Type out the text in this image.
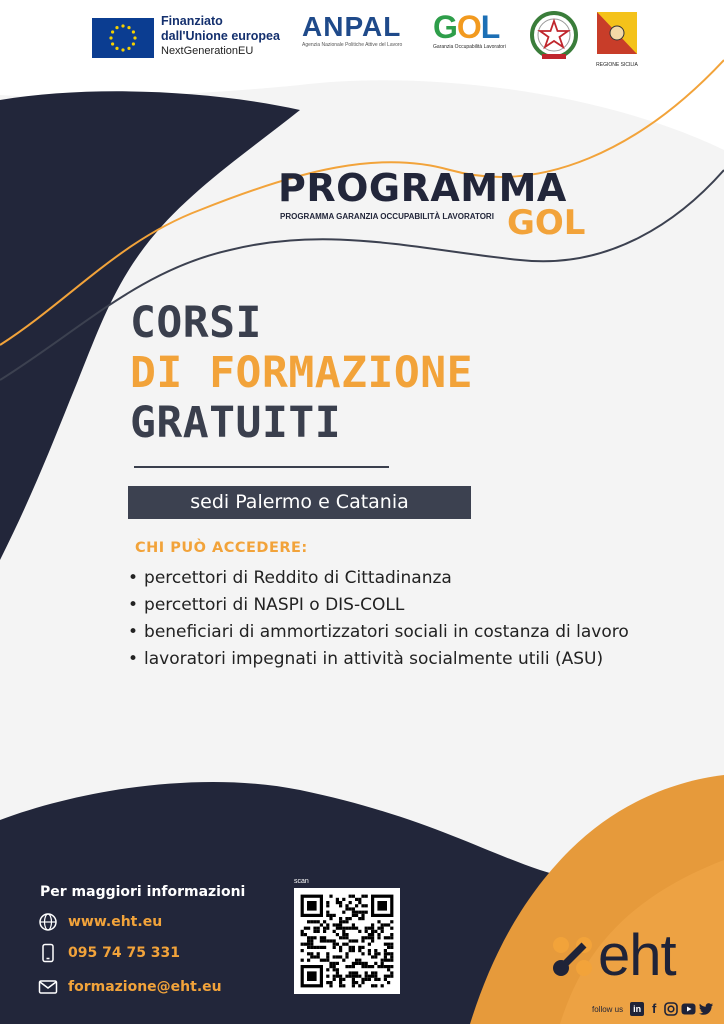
Finanziato
dall'Unione europea
NextGenerationEU
ANPAL
Agenzia Nazionale Politiche Attive del Lavoro GOL
Garanzia Occupabilità Lavoratori
REGIONE SICILIA
PROGRAMMA
PROGRAMMA GARANZIA OCCUPABILITÀ LAVORATORI GOL
CORSI
DI FORMAZIONE
GRATUITI
sedi Palermo e Catania
CHI PUÒ ACCEDERE:
• percettori di Reddito di Cittadinanza
• percettori di NASPI o DIS-COLL
• beneficiari di ammortizzatori sociali in costanza di lavoro
• lavoratori impegnati in attività socialmente utili (ASU)
Per maggiori informazioni
www.eht.eu
095 74 75 331
formazione@eht.eu
scan
eht
follow us	in f
